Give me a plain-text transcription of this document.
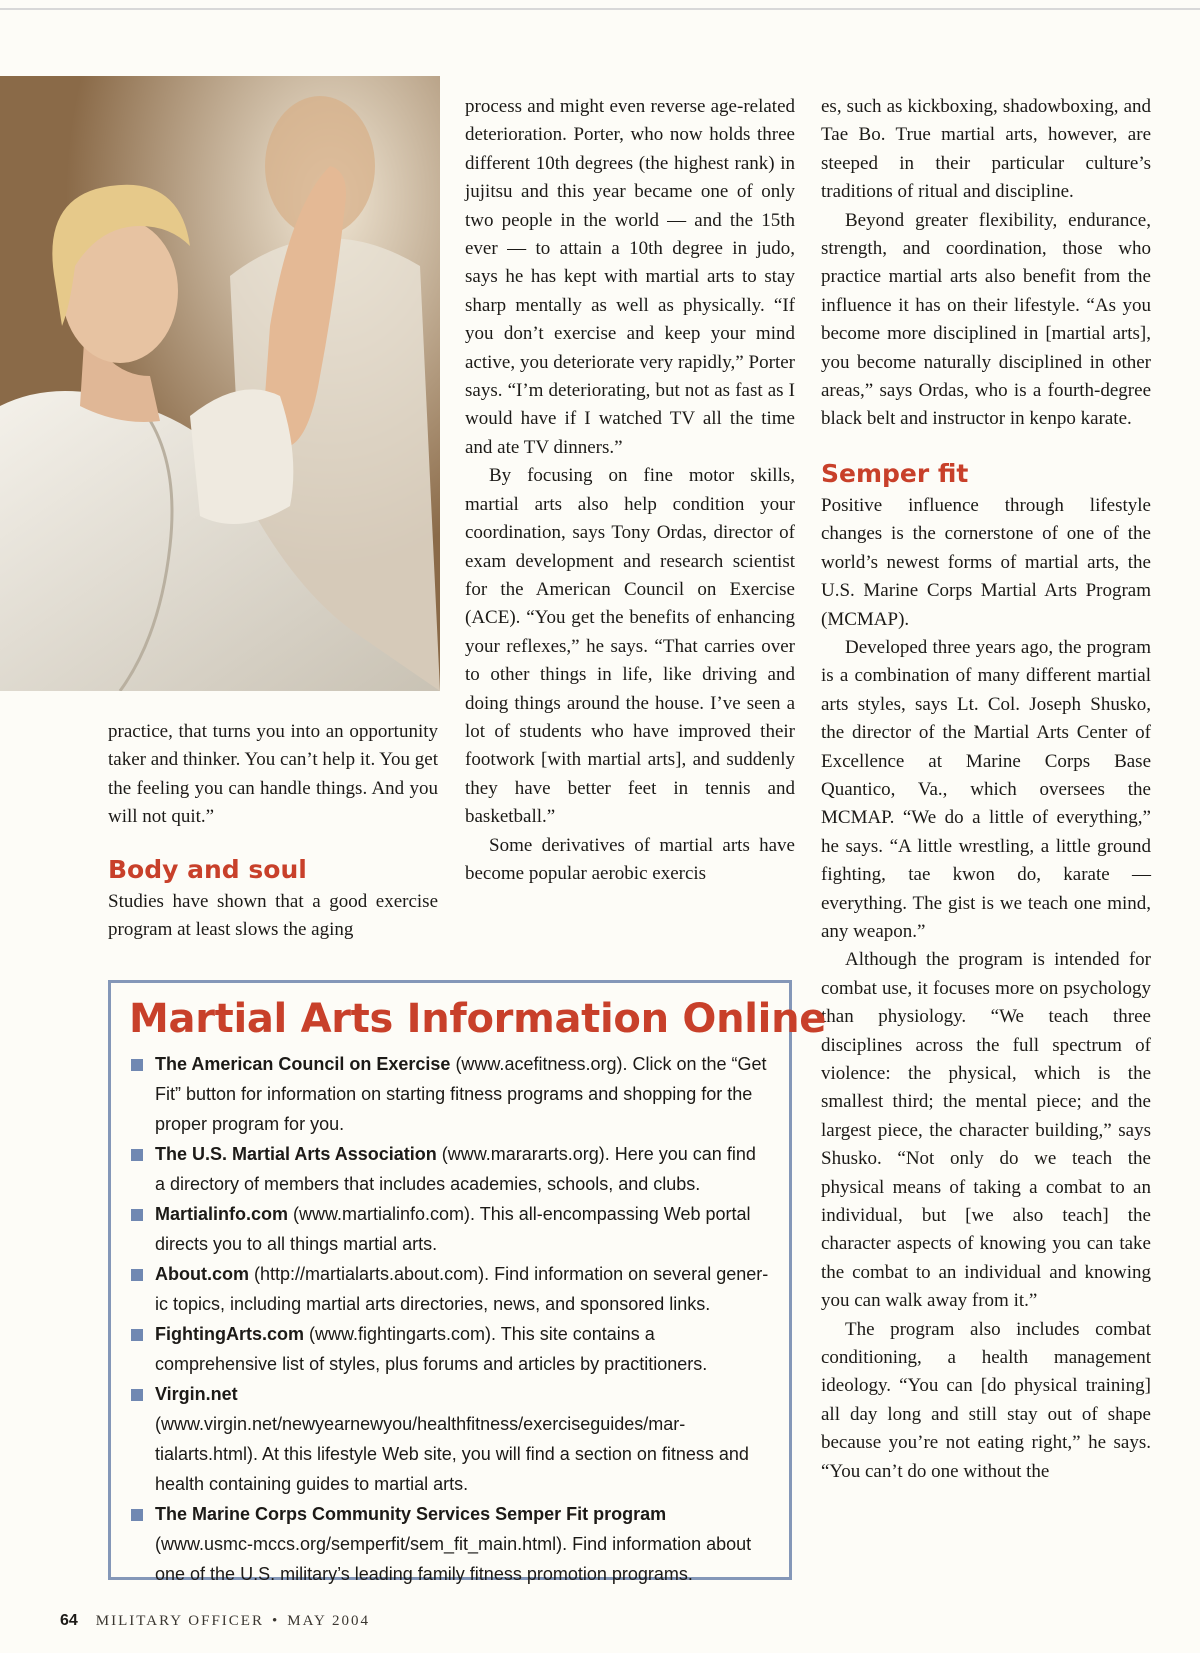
practice, that turns you into an opportunity taker and thinker. You can’t help it. You get the feeling you can handle things. And you will not quit.”

Body and soul

Studies have shown that a good exercise program at least slows the aging

process and might even reverse age-related deterioration. Porter, who now holds three different 10th degrees (the highest rank) in jujitsu and this year became one of only two people in the world — and the 15th ever — to attain a 10th degree in judo, says he has kept with martial arts to stay sharp mentally as well as physically. “If you don’t exercise and keep your mind active, you deteriorate very rapidly,” Porter says. “I’m deteriorating, but not as fast as I would have if I watched TV all the time and ate TV dinners.”

By focusing on fine motor skills, martial arts also help condition your coordination, says Tony Ordas, director of exam development and research scientist for the American Council on Exercise (ACE). “You get the benefits of enhancing your reflexes,” he says. “That carries over to other things in life, like driving and doing things around the house. I’ve seen a lot of students who have improved their footwork [with martial arts], and suddenly they have better feet in tennis and basketball.”

Some derivatives of martial arts have become popular aerobic exercis

es, such as kickboxing, shadowboxing, and Tae Bo. True martial arts, however, are steeped in their particular culture’s traditions of ritual and discipline.

Beyond greater flexibility, endurance, strength, and coordination, those who practice martial arts also benefit from the influence it has on their lifestyle. “As you become more disciplined in [martial arts], you become naturally disciplined in other areas,” says Ordas, who is a fourth-degree black belt and instructor in kenpo karate.

Semper fit

Positive influence through lifestyle changes is the cornerstone of one of the world’s newest forms of martial arts, the U.S. Marine Corps Martial Arts Program (MCMAP).

Developed three years ago, the program is a combination of many different martial arts styles, says Lt. Col. Joseph Shusko, the director of the Martial Arts Center of Excellence at Marine Corps Base Quantico, Va., which oversees the MCMAP. “We do a little of everything,” he says. “A little wrestling, a little ground fighting, tae kwon do, karate — everything. The gist is we teach one mind, any weapon.”

Although the program is intended for combat use, it focuses more on psychology than physiology. “We teach three disciplines across the full spectrum of violence: the physical, which is the smallest third; the mental piece; and the largest piece, the character building,” says Shusko. “Not only do we teach the physical means of taking a combat to an individual, but [we also teach] the character aspects of knowing you can take the combat to an individual and knowing you can walk away from it.”

The program also includes combat conditioning, a health management ideology. “You can [do physical training] all day long and still stay out of shape because you’re not eating right,” he says. “You can’t do one without the

Martial Arts Information Online
The American Council on Exercise (www.acefitness.org). Click on the “Get Fit” button for information on starting fitness programs and shopping for the proper program for you.
The U.S. Martial Arts Association (www.marararts.org). Here you can find a directory of members that includes academies, schools, and clubs.
Martialinfo.com (www.martialinfo.com). This all-encompassing Web portal directs you to all things martial arts.
About.com (http://martialarts.about.com). Find information on several generic topics, including martial arts directories, news, and sponsored links.
FightingArts.com (www.fightingarts.com). This site contains a comprehensive list of styles, plus forums and articles by practitioners.
Virgin.net (www.virgin.net/newyearnewyou/healthfitness/exerciseguides/martialarts.html). At this lifestyle Web site, you will find a section on fitness and health containing guides to martial arts.
The Marine Corps Community Services Semper Fit program (www.usmc-mccs.org/semperfit/sem_fit_main.html). Find information about one of the U.S. military’s leading family fitness promotion programs.
64 MILITARY OFFICER • MAY 2004
